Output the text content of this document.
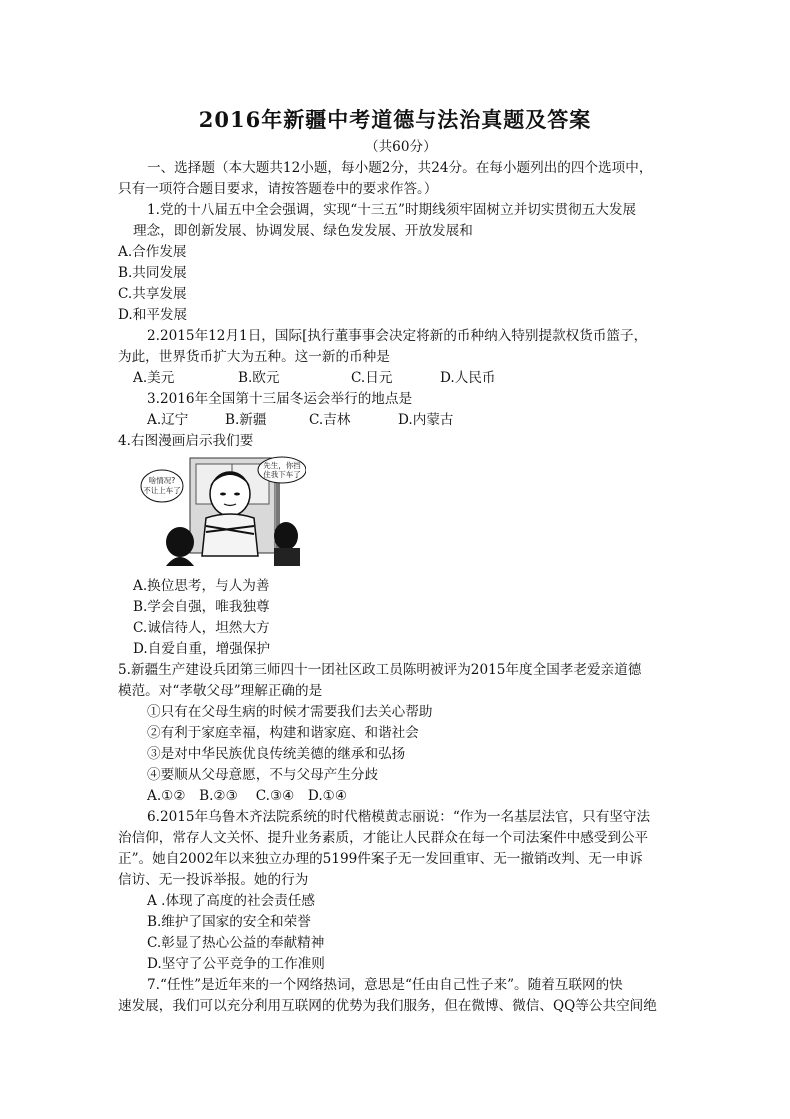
2016年新疆中考道德与法治真题及答案
（共60分）
一、选择题（本大题共12小题，每小题2分，共24分。在每小题列出的四个选项中，
只有一项符合题目要求，请按答题卷中的要求作答。）
1.党的十八届五中全会强调，实现“十三五”时期线须牢固树立并切实贯彻五大发展
理念，即创新发展、协调发展、绿色发发展、开放发展和
A.合作发展
B.共同发展
C.共享发展
D.和平发展
2.2015年12月1日，国际[执行董事事会决定将新的币种纳入特别提款权货币篮子，
为此，世界货币扩大为五种。这一新的币种是
A.美元	B.欧元	C.日元	D.人民币
3.2016年全国第十三届冬运会举行的地点是
A.辽宁	B.新疆	C.吉林	D.内蒙古
4.右图漫画启示我们要
啥情况?
不让上车了
先生，你挡
住我下车了
A.换位思考，与人为善
B.学会自强，唯我独尊
C.诚信待人，坦然大方
D.自爱自重，增强保护
5.新疆生产建设兵团第三师四十一团社区政工员陈明被评为2015年度全国孝老爱亲道德
模范。对“孝敬父母”理解正确的是
①只有在父母生病的时候才需要我们去关心帮助
②有利于家庭幸福，构建和谐家庭、和谐社会
③是对中华民族优良传统美德的继承和弘扬
④要顺从父母意愿，不与父母产生分歧
A.①②　B.②③　 C.③④　D.①④
6.2015年乌鲁木齐法院系统的时代楷模黄志丽说：“作为一名基层法官，只有坚守法
治信仰，常存人文关怀、提升业务素质，才能让人民群众在每一个司法案件中感受到公平
正”。她自2002年以来独立办理的5199件案子无一发回重审、无一撤销改判、无一申诉
信访、无一投诉举报。她的行为
A .体现了高度的社会责任感
B.维护了国家的安全和荣誉
C.彰显了热心公益的奉献精神
D.坚守了公平竞争的工作准则
7.“任性”是近年来的一个网络热词，意思是“任由自己性子来”。随着互联网的快
速发展，我们可以充分利用互联网的优势为我们服务，但在微博、微信、QQ等公共空间绝
